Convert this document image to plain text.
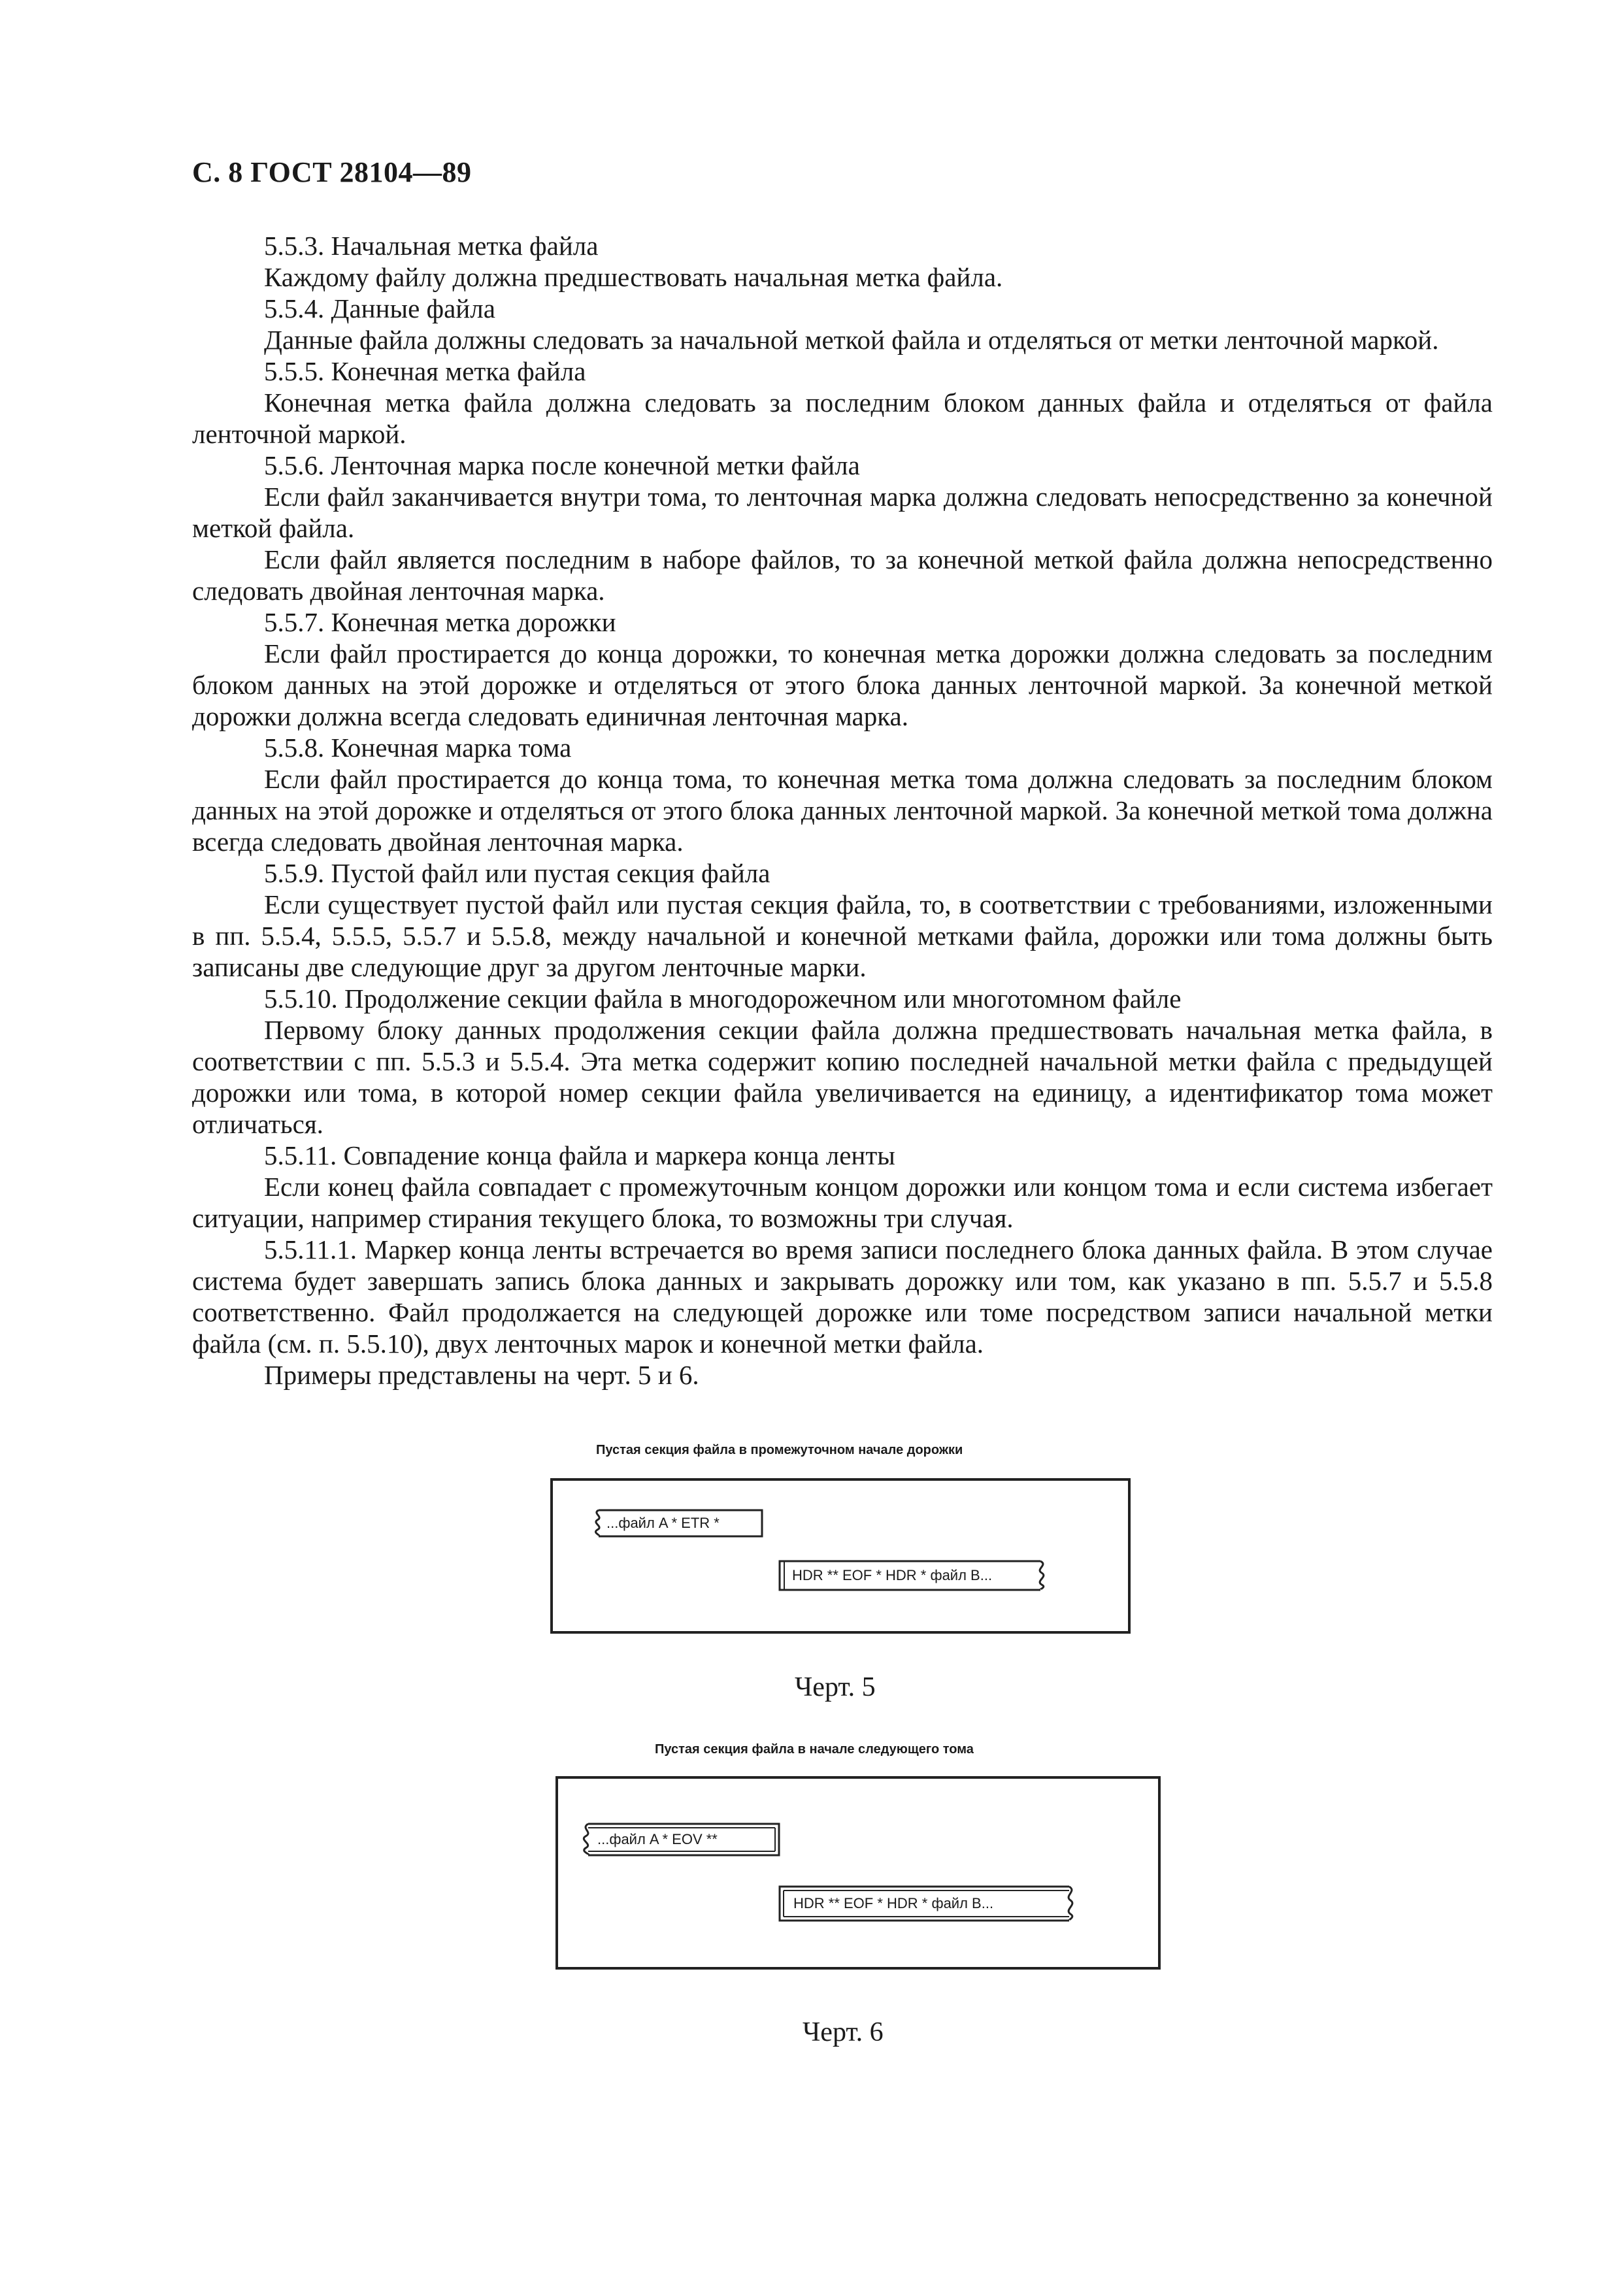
С. 8 ГОСТ 28104—89

5.5.3. Начальная метка файла

Каждому файлу должна предшествовать начальная метка файла.

5.5.4. Данные файла

Данные файла должны следовать за начальной меткой файла и отделяться от метки ленточной маркой.

5.5.5. Конечная метка файла

Конечная метка файла должна следовать за последним блоком данных файла и отделяться от файла ленточной маркой.

5.5.6. Ленточная марка после конечной метки файла

Если файл заканчивается внутри тома, то ленточная марка должна следовать непосредственно за конечной меткой файла.

Если файл является последним в наборе файлов, то за конечной меткой файла должна непосредственно следовать двойная ленточная марка.

5.5.7. Конечная метка дорожки

Если файл простирается до конца дорожки, то конечная метка дорожки должна следовать за последним блоком данных на этой дорожке и отделяться от этого блока данных ленточной маркой. За конечной меткой дорожки должна всегда следовать единичная ленточная марка.

5.5.8. Конечная марка тома

Если файл простирается до конца тома, то конечная метка тома должна следовать за последним блоком данных на этой дорожке и отделяться от этого блока данных ленточной маркой. За конечной меткой тома должна всегда следовать двойная ленточная марка.

5.5.9. Пустой файл или пустая секция файла

Если существует пустой файл или пустая секция файла, то, в соответствии с требованиями, изложенными в пп. 5.5.4, 5.5.5, 5.5.7 и 5.5.8, между начальной и конечной метками файла, дорожки или тома должны быть записаны две следующие друг за другом ленточные марки.

5.5.10. Продолжение секции файла в многодорожечном или многотомном файле

Первому блоку данных продолжения секции файла должна предшествовать начальная метка файла, в соответствии с пп. 5.5.3 и 5.5.4. Эта метка содержит копию последней начальной метки файла с предыдущей дорожки или тома, в которой номер секции файла увеличивается на единицу, а идентификатор тома может отличаться.

5.5.11. Совпадение конца файла и маркера конца ленты

Если конец файла совпадает с промежуточным концом дорожки или концом тома и если система избегает ситуации, например стирания текущего блока, то возможны три случая.

5.5.11.1. Маркер конца ленты встречается во время записи последнего блока данных файла. В этом случае система будет завершать запись блока данных и закрывать дорожку или том, как указано в пп. 5.5.7 и 5.5.8 соответственно. Файл продолжается на следующей дорожке или томе посредством записи начальной метки файла (см. п. 5.5.10), двух ленточных марок и конечной метки файла.

Примеры представлены на черт. 5 и 6.

Пустая секция файла в промежуточном начале дорожки
...файл A * ETR *
HDR ** EOF * HDR * файл B...
Черт. 5
Пустая секция файла в начале следующего тома
...файл A * EOV **
HDR ** EOF * HDR * файл B...
Черт. 6
